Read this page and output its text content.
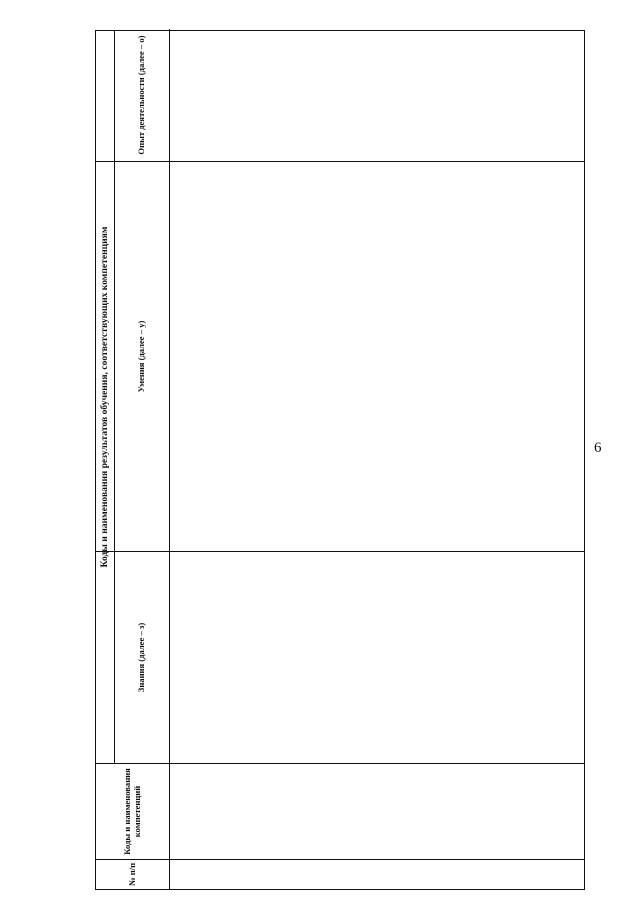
6
Коды и наименования результатов обучения, соответствующих компетенциям
№ п/п
Коды и наименования компетенций
Знания (далее – з)
Умения (далее – у)
Опыт деятельности (далее – о)
